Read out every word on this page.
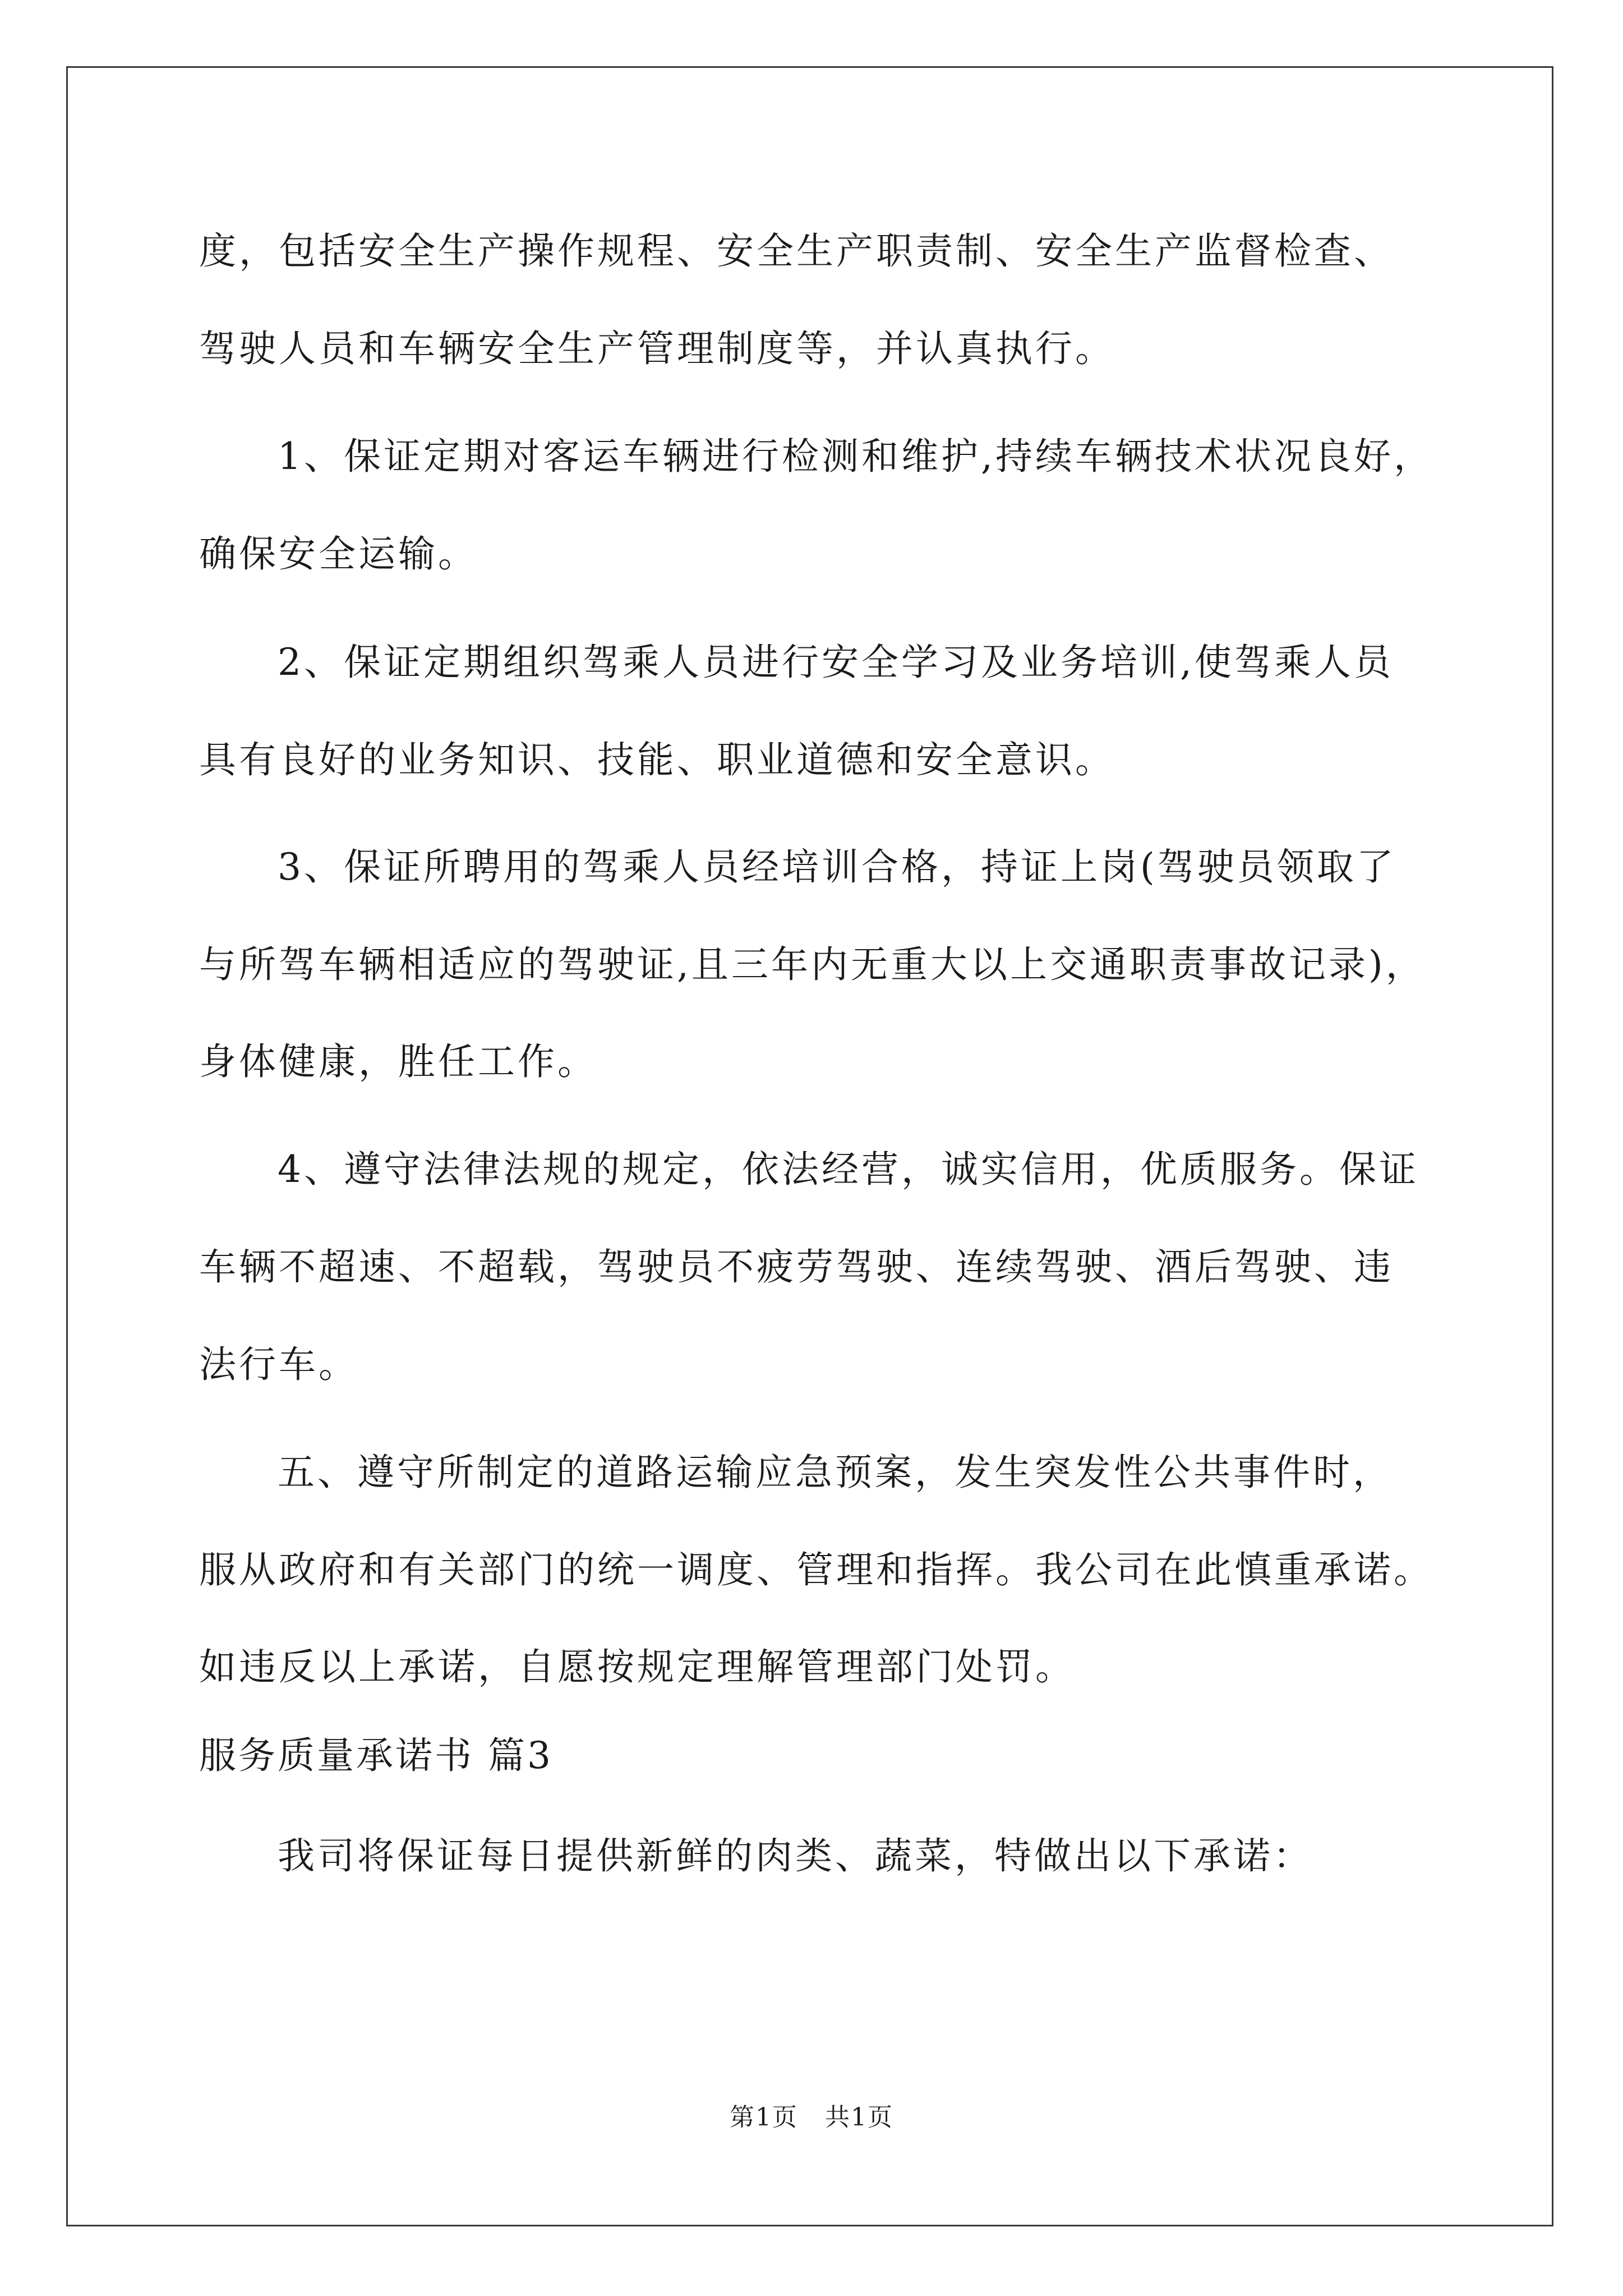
度，包括安全生产操作规程、安全生产职责制、安全生产监督检查、

驾驶人员和车辆安全生产管理制度等，并认真执行。

1、保证定期对客运车辆进行检测和维护,持续车辆技术状况良好，

确保安全运输。

2、保证定期组织驾乘人员进行安全学习及业务培训,使驾乘人员

具有良好的业务知识、技能、职业道德和安全意识。

3、保证所聘用的驾乘人员经培训合格，持证上岗(驾驶员领取了

与所驾车辆相适应的驾驶证,且三年内无重大以上交通职责事故记录)，

身体健康，胜任工作。

4、遵守法律法规的规定，依法经营，诚实信用，优质服务。保证

车辆不超速、不超载，驾驶员不疲劳驾驶、连续驾驶、酒后驾驶、违

法行车。

五、遵守所制定的道路运输应急预案，发生突发性公共事件时，

服从政府和有关部门的统一调度、管理和指挥。我公司在此慎重承诺。

如违反以上承诺，自愿按规定理解管理部门处罚。

服务质量承诺书 篇3

我司将保证每日提供新鲜的肉类、蔬菜，特做出以下承诺：

第1页   共1页
